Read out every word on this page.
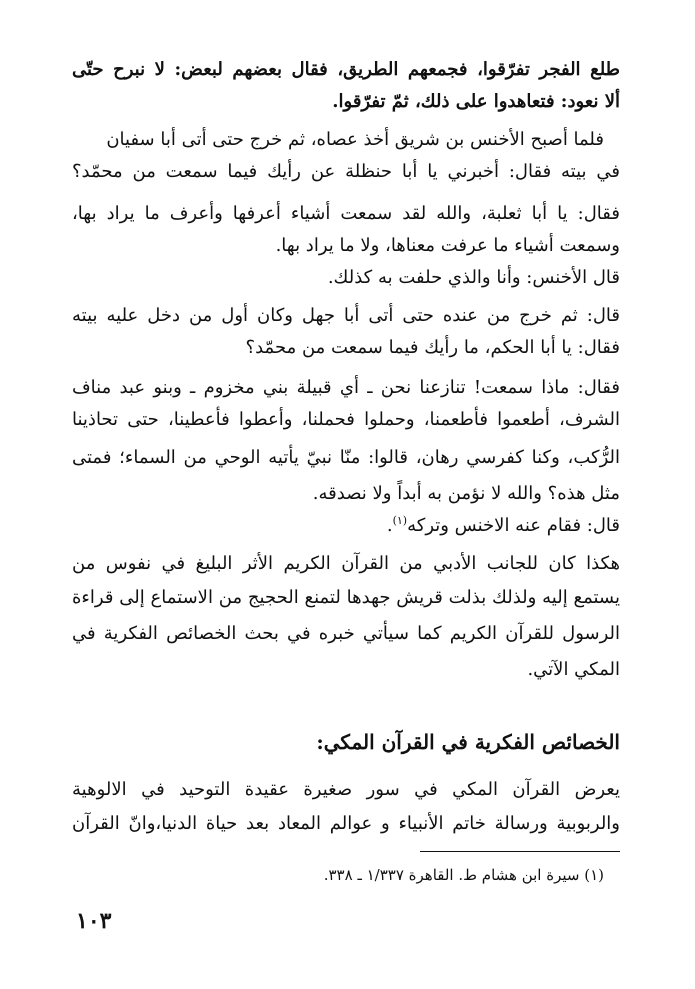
طلع الفجر تفرّقوا، فجمعهم الطريق، فقال بعضهم لبعض: لا نبرح حتّى
ألا نعود: فتعاهدوا على ذلك، ثمّ تفرّقوا.
فلما أصبح الأخنس بن شريق أخذ عصاه، ثم خرج حتى أتى أبا سفيان
في بيته فقال: أخبرني يا أبا حنظلة عن رأيك فيما سمعت من محمّد؟
فقال: يا أبا ثعلبة، والله لقد سمعت أشياء أعرفها وأعرف ما يراد بها،
وسمعت أشياء ما عرفت معناها، ولا ما يراد بها.
قال الأخنس: وأنا والذي حلفت به كذلك.
قال: ثم خرج من عنده حتى أتى أبا جهل وكان أول من دخل عليه بيته
فقال: يا أبا الحكم، ما رأيك فيما سمعت من محمّد؟
فقال: ماذا سمعت! تنازعنا نحن ـ أي قبيلة بني مخزوم ـ وبنو عبد مناف
الشرف، أطعموا فأطعمنا، وحملوا فحملنا، وأعطوا فأعطينا، حتى تحاذينا
الرُّكب، وكنا كفرسي رهان، قالوا: منّا نبيّ يأتيه الوحي من السماء؛ فمتى
مثل هذه؟ والله لا نؤمن به أبداً ولا نصدقه.
قال: فقام عنه الاخنس وتركه$^{(١)}$.
هكذا كان للجانب الأدبي من القرآن الكريم الأثر البليغ في نفوس من
يستمع إليه ولذلك بذلت قريش جهدها لتمنع الحجيج من الاستماع إلى قراءة
الرسول للقرآن الكريم كما سيأتي خبره في بحث الخصائص الفكرية في
المكي الآتي.
الخصائص الفكرية في القرآن المكي:
يعرض القرآن المكي في سور صغيرة عقيدة التوحيد في الالوهية
والربوبية ورسالة خاتم الأنبياء و عوالم المعاد بعد حياة الدنيا،وانّ القرآن
(١) سيرة ابن هشام ط. القاهرة ١/٣٣٧ ـ ٣٣٨.
١٠٣
